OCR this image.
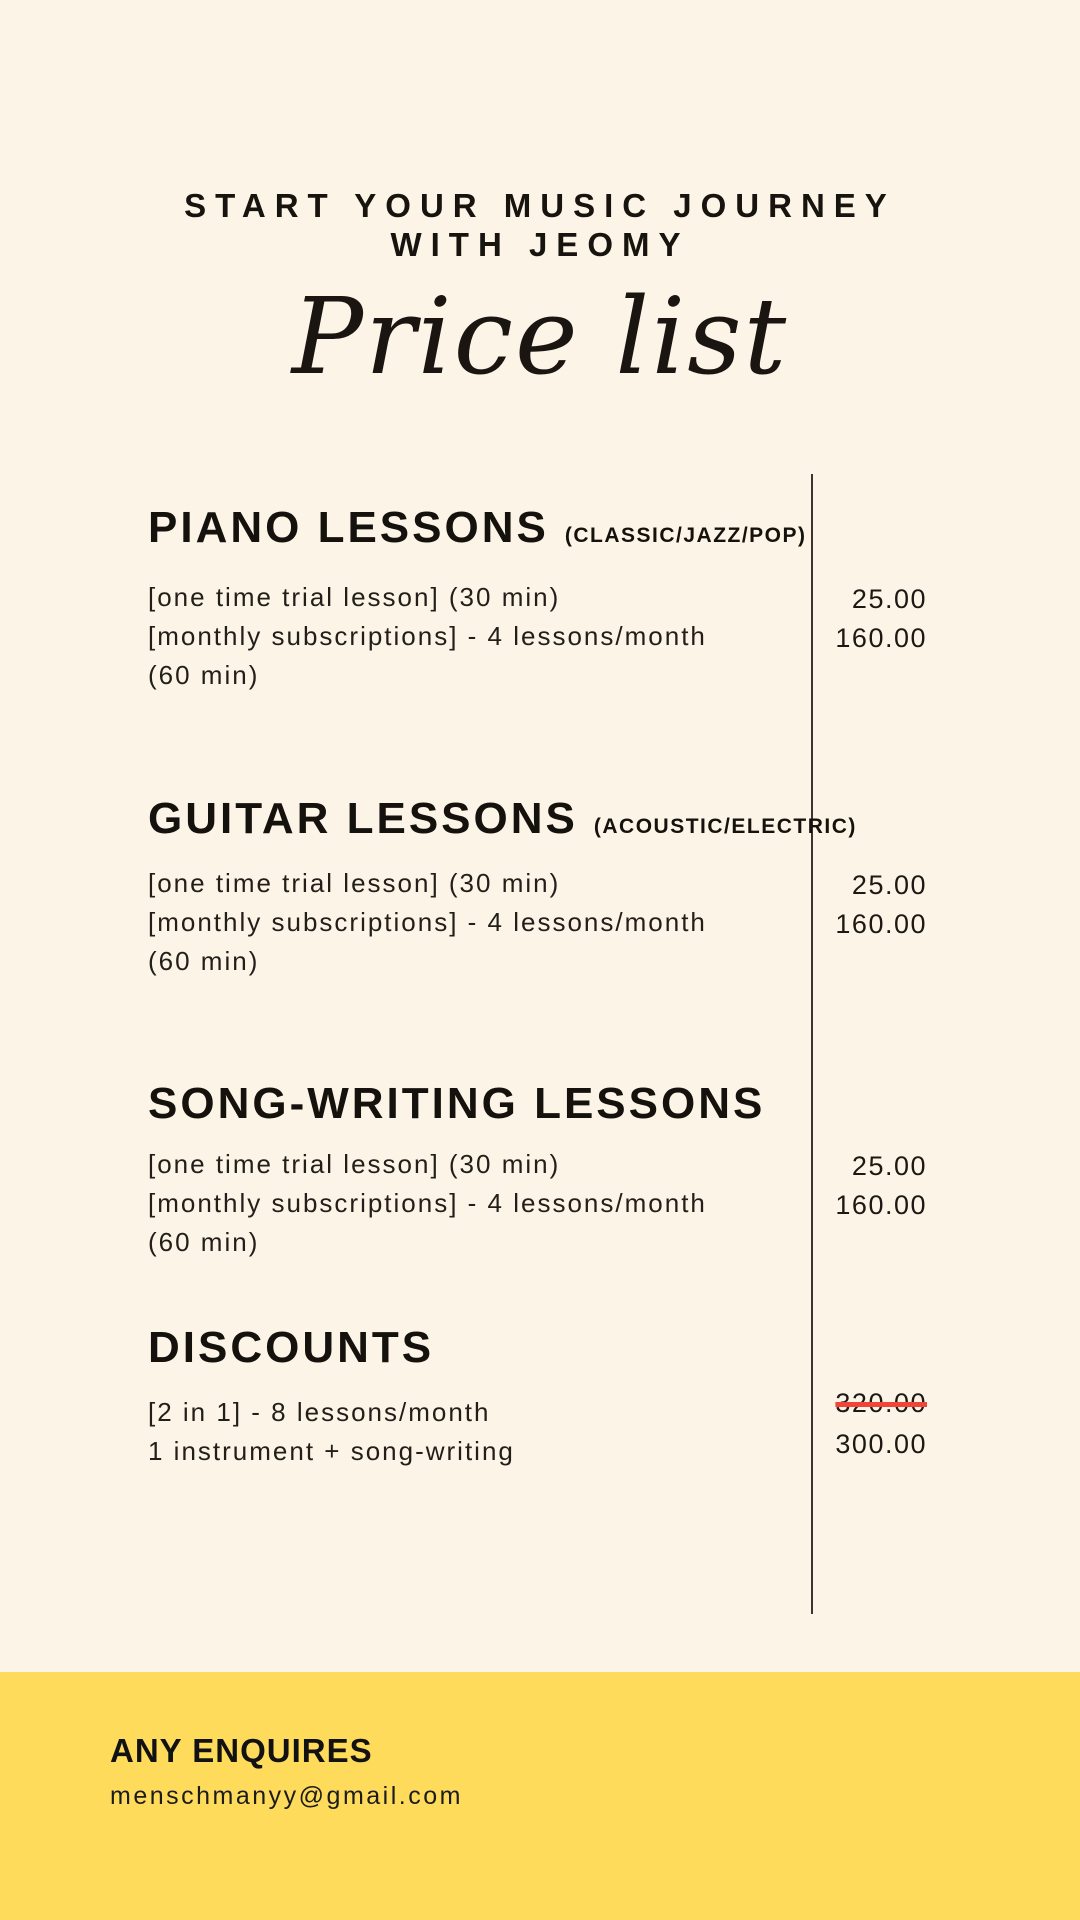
START YOUR MUSIC JOURNEY
WITH JEOMY
Price list
PIANO LESSONS (CLASSIC/JAZZ/POP)
[one time trial lesson] (30 min)
[monthly subscriptions] - 4 lessons/month
(60 min)
25.00
160.00
GUITAR LESSONS (ACOUSTIC/ELECTRIC)
[one time trial lesson] (30 min)
[monthly subscriptions] - 4 lessons/month
(60 min)
25.00
160.00
SONG-WRITING LESSONS
[one time trial lesson] (30 min)
[monthly subscriptions] - 4 lessons/month
(60 min)
25.00
160.00
DISCOUNTS
[2 in 1] - 8 lessons/month
1 instrument + song-writing
320.00
300.00
ANY ENQUIRES
menschmanyy@gmail.com
